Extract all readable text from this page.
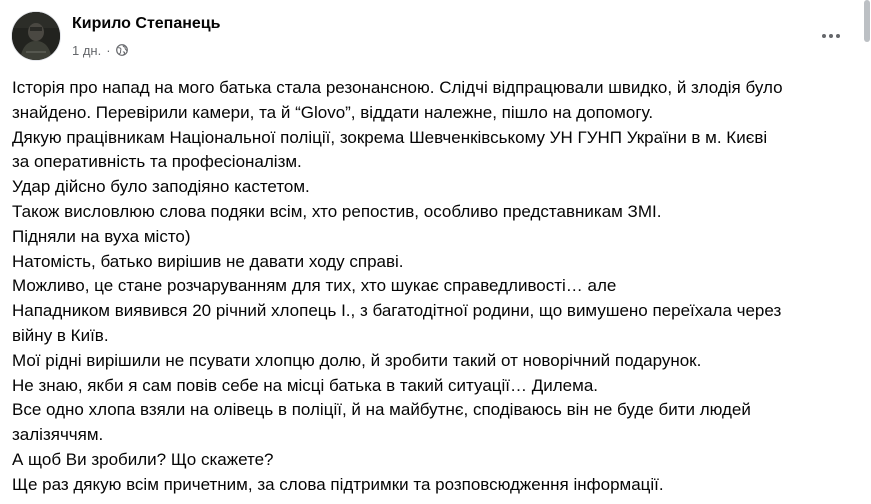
Кирило Степанець
1 дн. ·
Історія про напад на мого батька стала резонансною. Слідчі відпрацювали швидко, й злодія було
знайдено. Перевірили камери, та й “Glovo”, віддати належне, пішло на допомогу.
Дякую працівникам Національної поліції, зокрема Шевченківському УН ГУНП України в м. Києві
за оперативність та професіоналізм.
Удар дійсно було заподіяно кастетом.
Також висловлюю слова подяки всім, хто репостив, особливо представникам ЗМІ.
Підняли на вуха місто)
Натомість, батько вирішив не давати ходу справі.
Можливо, це стане розчаруванням для тих, хто шукає справедливості… але
Нападником виявився 20 річний хлопець І., з багатодітної родини, що вимушено переїхала через
війну в Київ.
Мої рідні вирішили не псувати хлопцю долю, й зробити такий от новорічний подарунок.
Не знаю, якби я сам повів себе на місці батька в такий ситуації… Дилема.
Все одно хлопа взяли на олівець в поліції, й на майбутнє, сподіваюсь він не буде бити людей
залізяччям.
А щоб Ви зробили? Що скажете?
Ще раз дякую всім причетним, за слова підтримки та розповсюдження інформації.
